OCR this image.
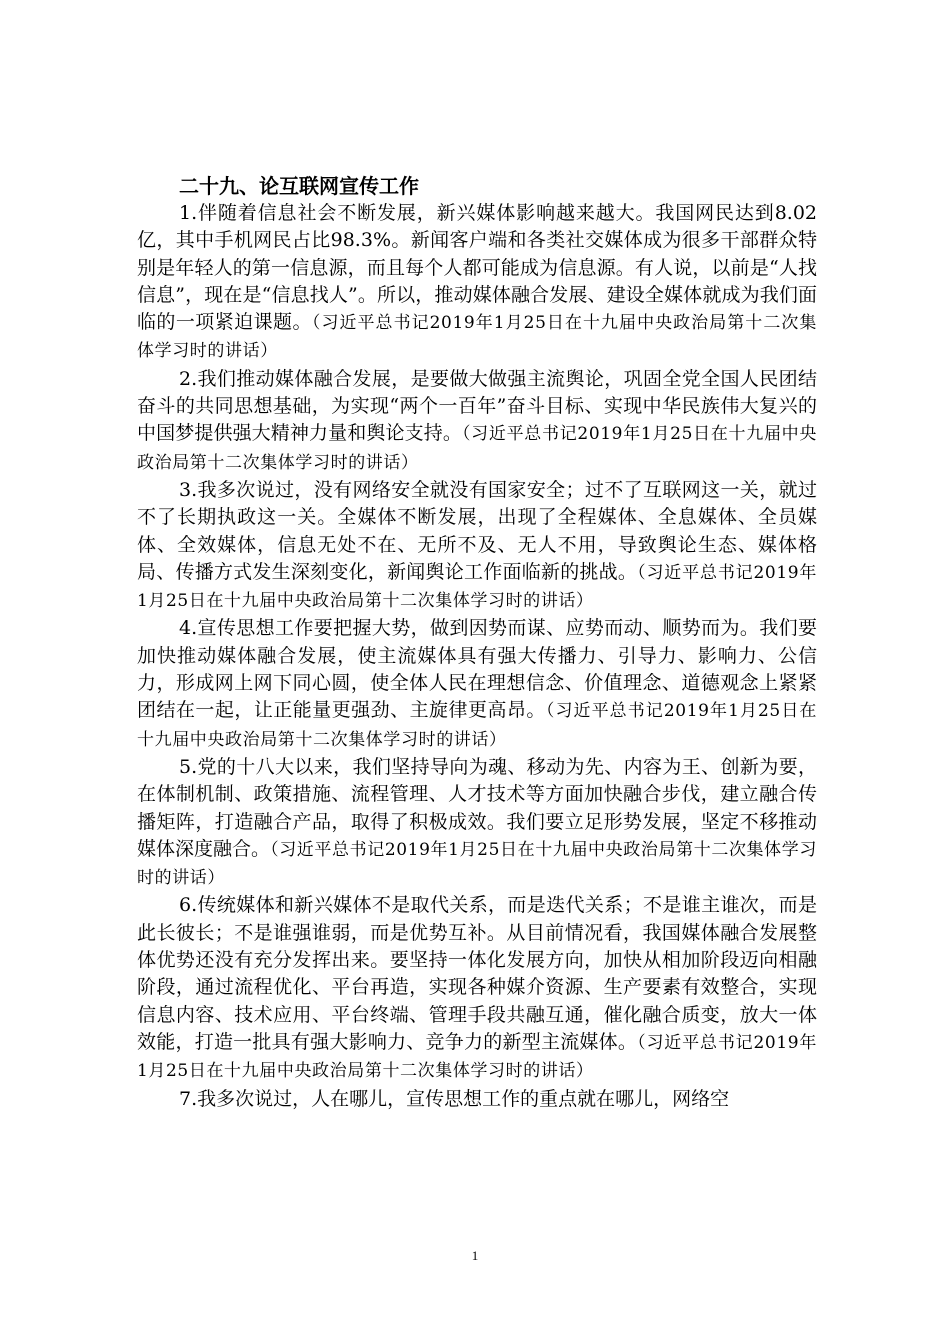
二十九、论互联网宣传工作

1.伴随着信息社会不断发展，新兴媒体影响越来越大。我国网民达到8.02亿，其中手机网民占比98.3%。新闻客户端和各类社交媒体成为很多干部群众特别是年轻人的第一信息源，而且每个人都可能成为信息源。有人说，以前是“人找信息”，现在是“信息找人”。所以，推动媒体融合发展、建设全媒体就成为我们面临的一项紧迫课题。（习近平总书记2019年1月25日在十九届中央政治局第十二次集体学习时的讲话）

2.我们推动媒体融合发展，是要做大做强主流舆论，巩固全党全国人民团结奋斗的共同思想基础，为实现“两个一百年”奋斗目标、实现中华民族伟大复兴的中国梦提供强大精神力量和舆论支持。（习近平总书记2019年1月25日在十九届中央政治局第十二次集体学习时的讲话）

3.我多次说过，没有网络安全就没有国家安全；过不了互联网这一关，就过不了长期执政这一关。全媒体不断发展，出现了全程媒体、全息媒体、全员媒体、全效媒体，信息无处不在、无所不及、无人不用，导致舆论生态、媒体格局、传播方式发生深刻变化，新闻舆论工作面临新的挑战。（习近平总书记2019年1月25日在十九届中央政治局第十二次集体学习时的讲话）

4.宣传思想工作要把握大势，做到因势而谋、应势而动、顺势而为。我们要加快推动媒体融合发展，使主流媒体具有强大传播力、引导力、影响力、公信力，形成网上网下同心圆，使全体人民在理想信念、价值理念、道德观念上紧紧团结在一起，让正能量更强劲、主旋律更高昂。（习近平总书记2019年1月25日在十九届中央政治局第十二次集体学习时的讲话）

5.党的十八大以来，我们坚持导向为魂、移动为先、内容为王、创新为要，在体制机制、政策措施、流程管理、人才技术等方面加快融合步伐，建立融合传播矩阵，打造融合产品，取得了积极成效。我们要立足形势发展，坚定不移推动媒体深度融合。（习近平总书记2019年1月25日在十九届中央政治局第十二次集体学习时的讲话）

6.传统媒体和新兴媒体不是取代关系，而是迭代关系；不是谁主谁次，而是此长彼长；不是谁强谁弱，而是优势互补。从目前情况看，我国媒体融合发展整体优势还没有充分发挥出来。要坚持一体化发展方向，加快从相加阶段迈向相融阶段，通过流程优化、平台再造，实现各种媒介资源、生产要素有效整合，实现信息内容、技术应用、平台终端、管理手段共融互通，催化融合质变，放大一体效能，打造一批具有强大影响力、竞争力的新型主流媒体。（习近平总书记2019年1月25日在十九届中央政治局第十二次集体学习时的讲话）

7.我多次说过，人在哪儿，宣传思想工作的重点就在哪儿，网络空

1
